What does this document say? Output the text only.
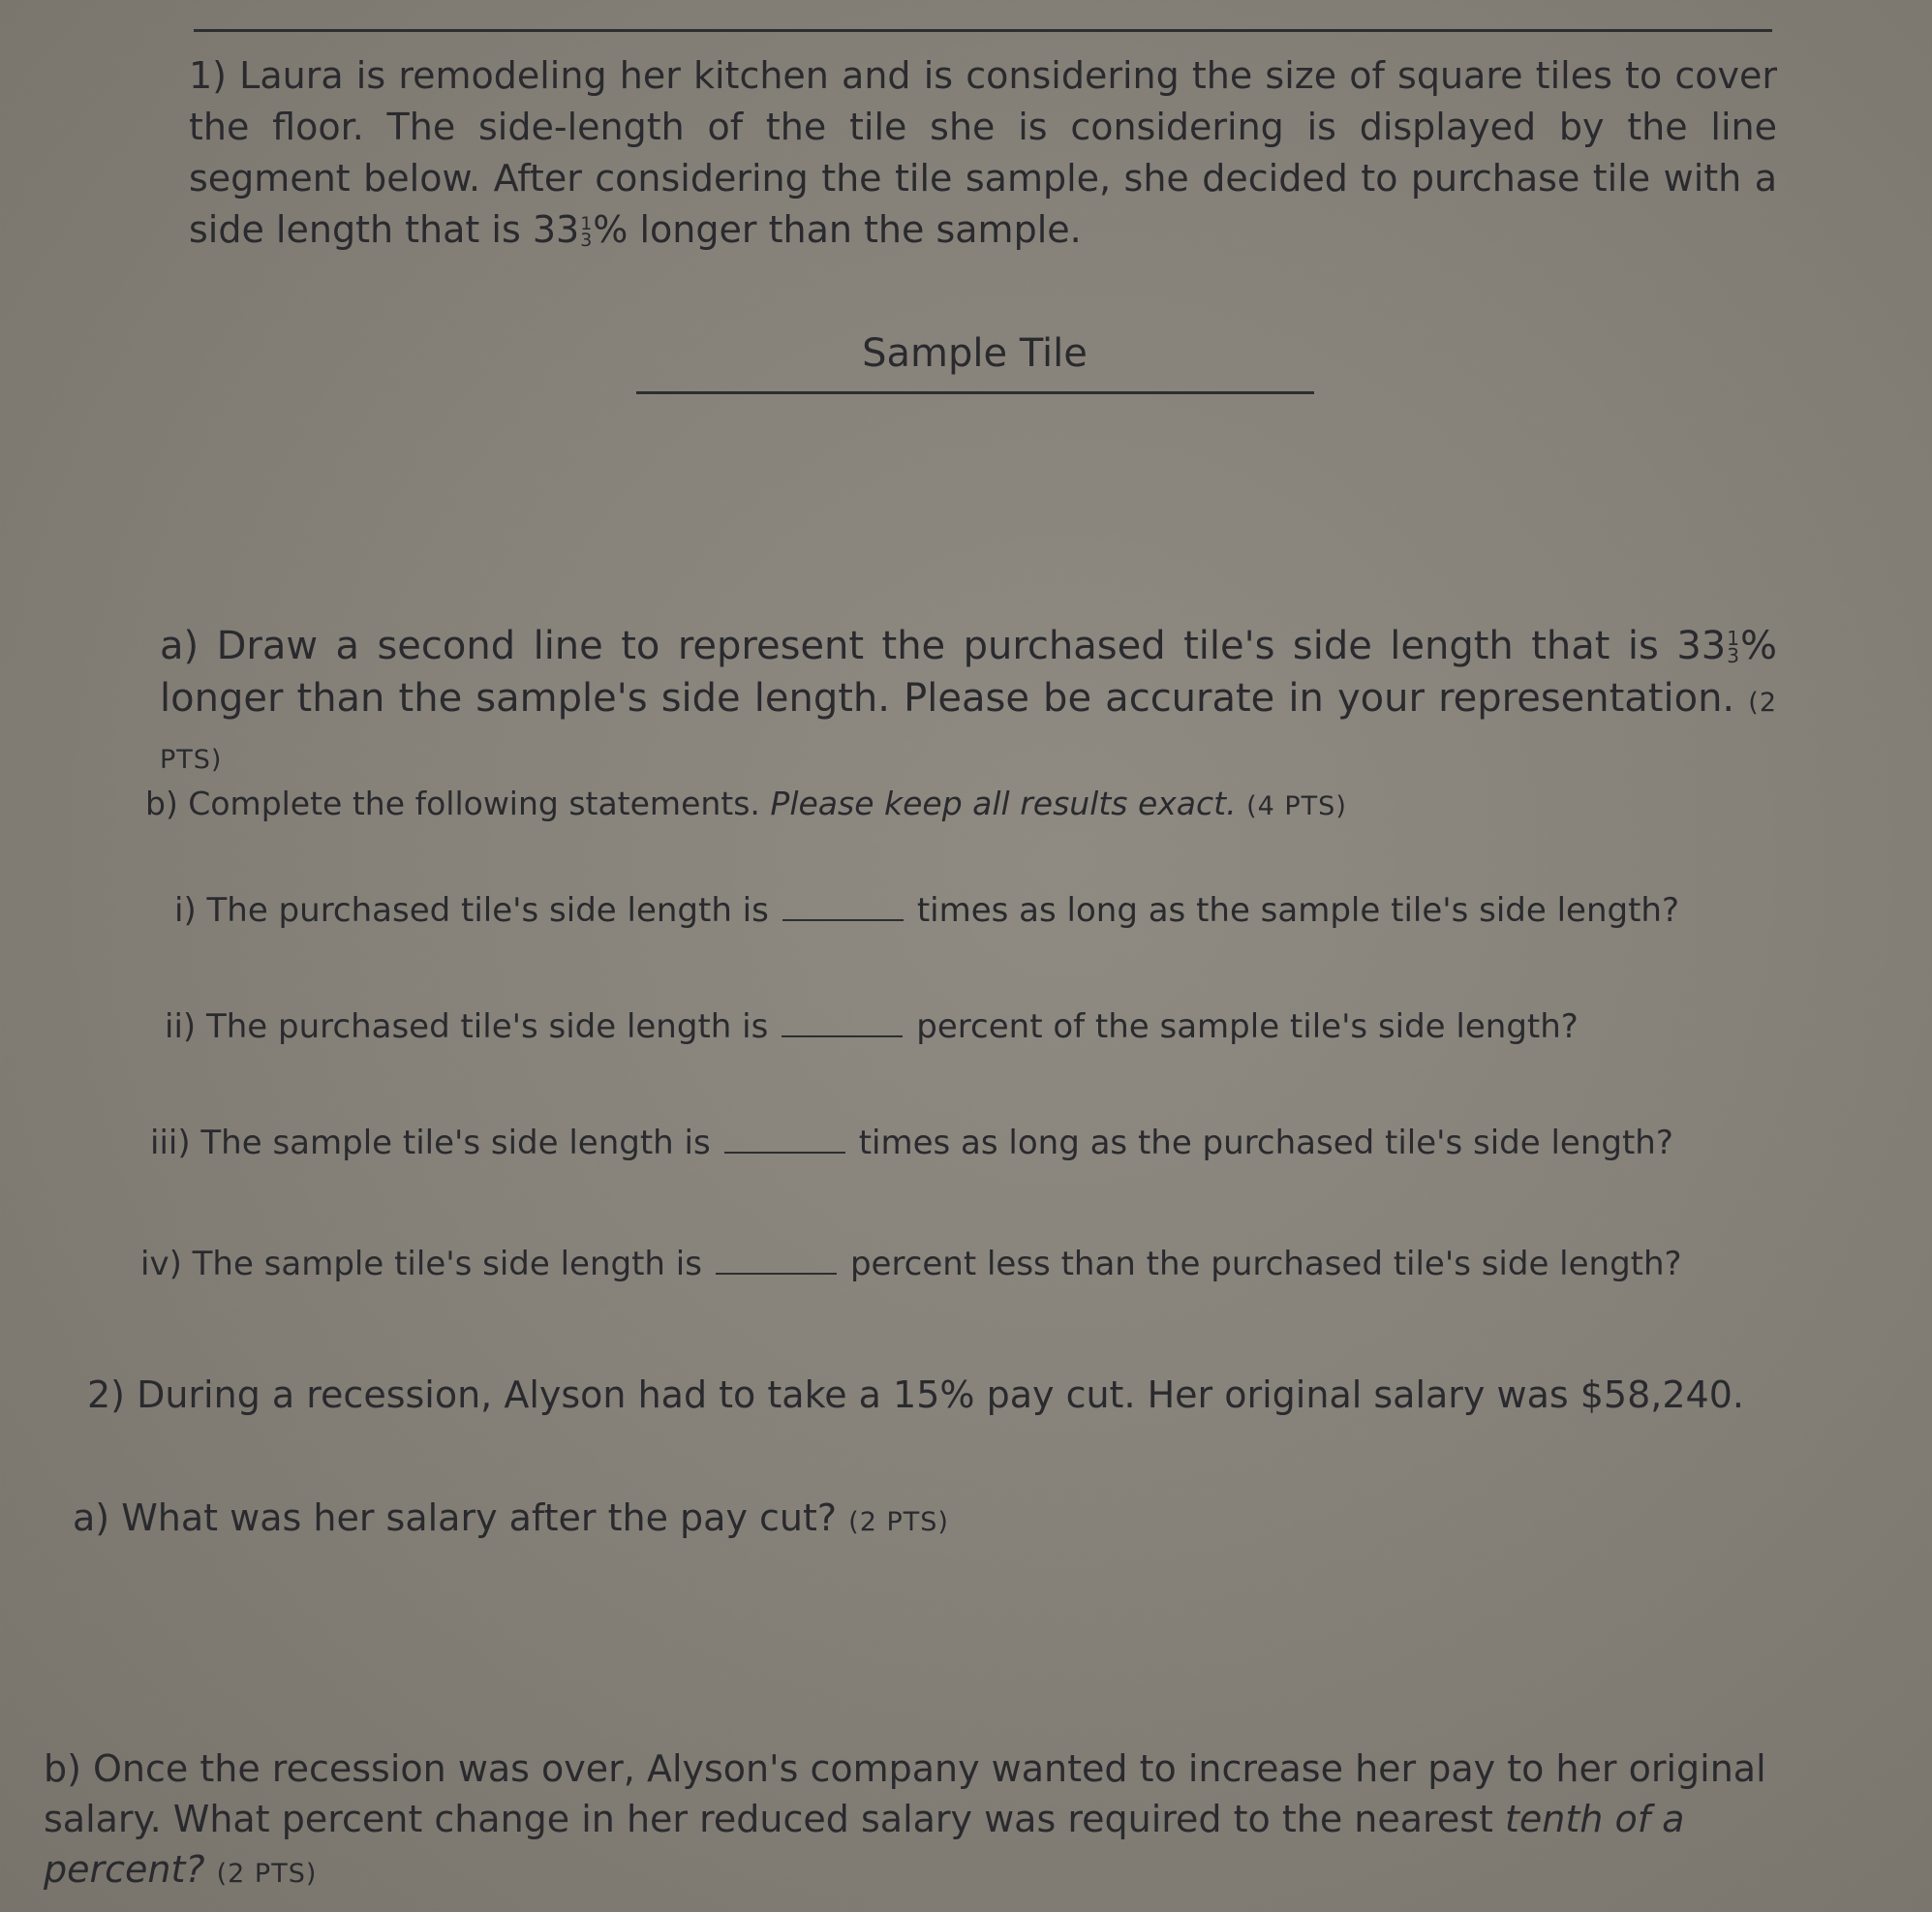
1) Laura is remodeling her kitchen and is considering the size of square tiles to cover the floor. The side-length of the tile she is considering is displayed by the line segment below. After considering the tile sample, she decided to purchase tile with a side length that is 33 1
3 % longer than the sample.
Sample Tile
a) Draw a second line to represent the purchased tile's side length that is 33 1
3 % longer than the sample's side length. Please be accurate in your representation. (2 PTS)
b) Complete the following statements. Please keep all results exact. (4 PTS)
i) The purchased tile's side length is	times as long as the sample tile's side length?
ii) The purchased tile's side length is	percent of the sample tile's side length?
iii) The sample tile's side length is	times as long as the purchased tile's side length?
iv) The sample tile's side length is	percent less than the purchased tile's side length?
2) During a recession, Alyson had to take a 15% pay cut. Her original salary was $58,240.
a) What was her salary after the pay cut? (2 PTS)
b) Once the recession was over, Alyson's company wanted to increase her pay to her original salary. What percent change in her reduced salary was required to the nearest tenth of a percent? (2 PTS)
